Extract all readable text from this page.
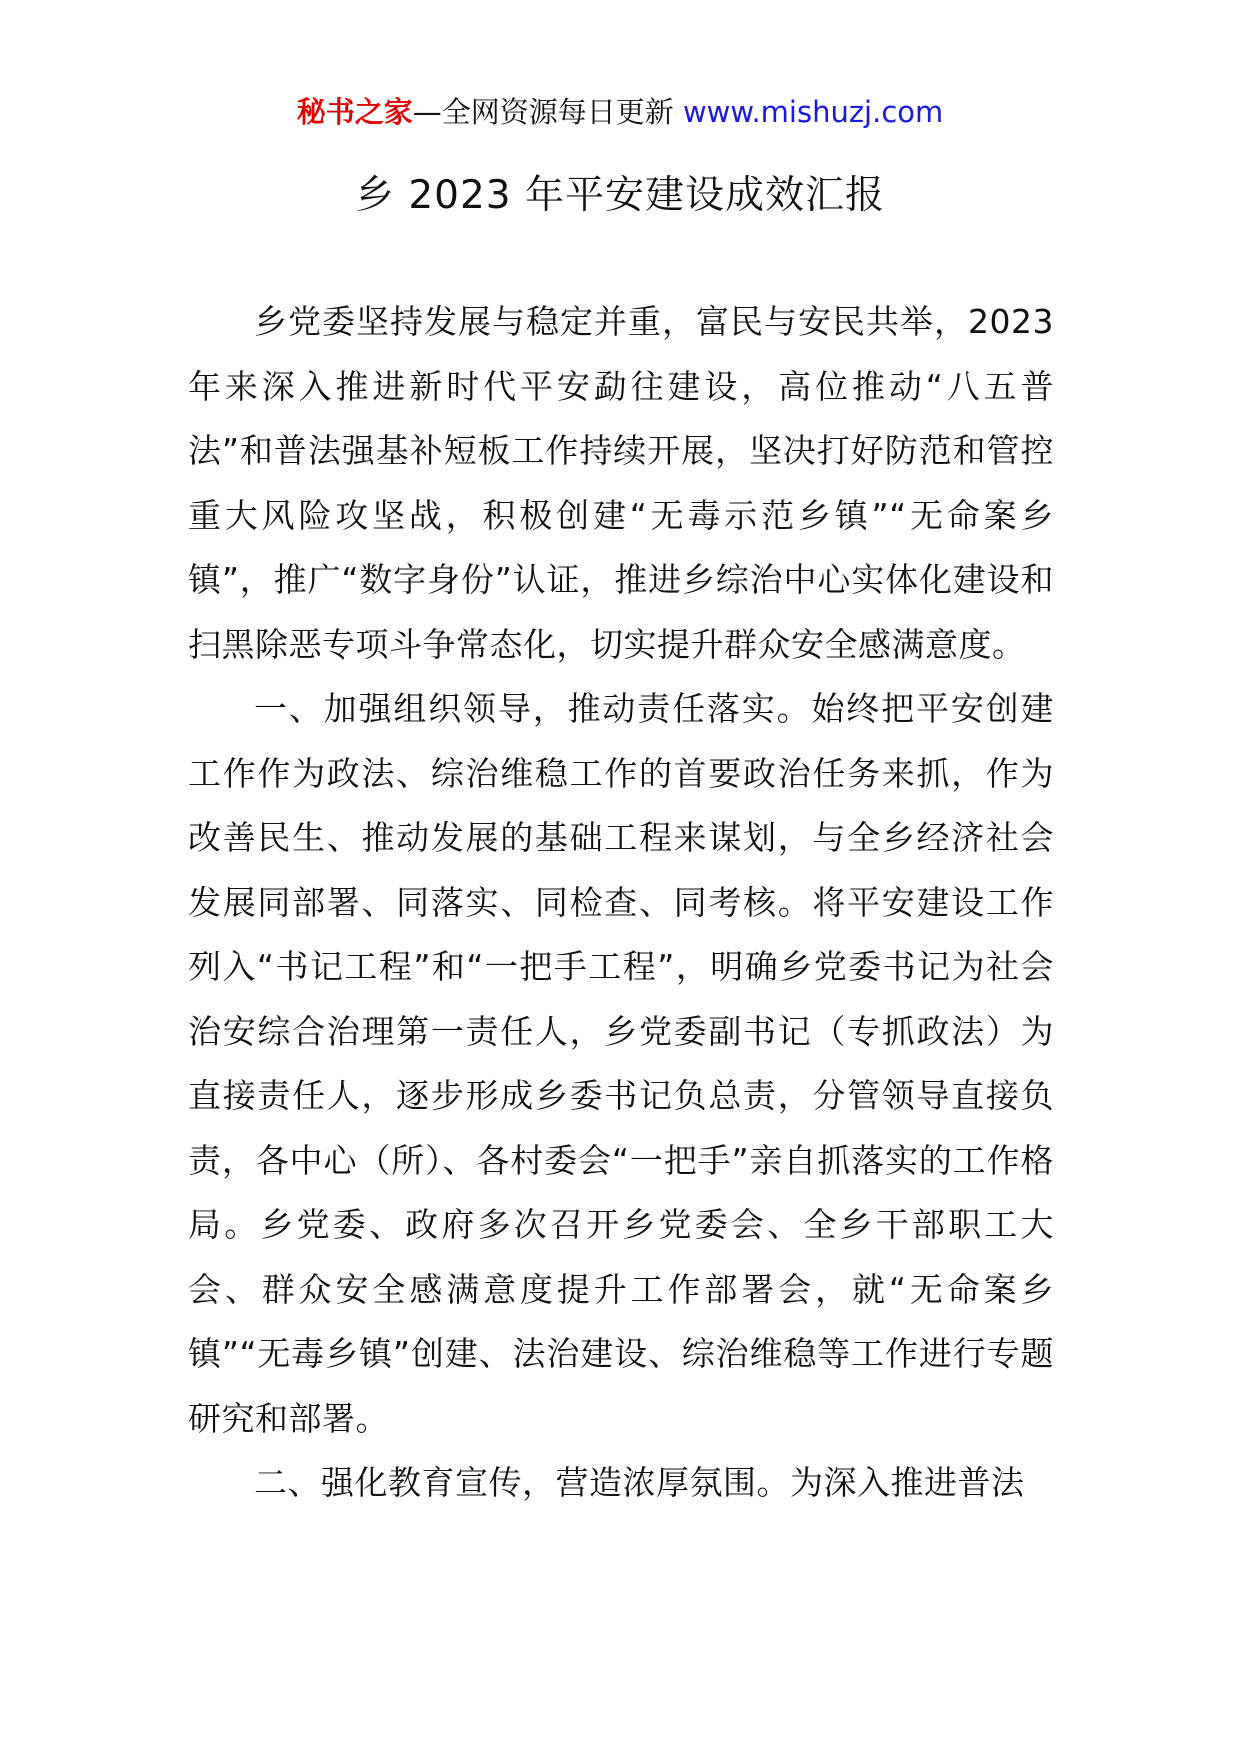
秘书之家—全网资源每日更新 www.mishuzj.com
乡 2023 年平安建设成效汇报

乡党委坚持发展与稳定并重，富民与安民共举，2023年来深入推进新时代平安勐往建设，高位推动“八五普法”和普法强基补短板工作持续开展，坚决打好防范和管控重大风险攻坚战，积极创建“无毒示范乡镇”“无命案乡镇”，推广“数字身份”认证，推进乡综治中心实体化建设和扫黑除恶专项斗争常态化，切实提升群众安全感满意度。

一、加强组织领导，推动责任落实。始终把平安创建工作作为政法、综治维稳工作的首要政治任务来抓，作为改善民生、推动发展的基础工程来谋划，与全乡经济社会发展同部署、同落实、同检查、同考核。将平安建设工作列入“书记工程”和“一把手工程”，明确乡党委书记为社会治安综合治理第一责任人，乡党委副书记（专抓政法）为直接责任人，逐步形成乡委书记负总责，分管领导直接负责，各中心（所）、各村委会“一把手”亲自抓落实的工作格局。乡党委、政府多次召开乡党委会、全乡干部职工大会、群众安全感满意度提升工作部署会，就“无命案乡镇”“无毒乡镇”创建、法治建设、综治维稳等工作进行专题研究和部署。

二、强化教育宣传，营造浓厚氛围。为深入推进普法
